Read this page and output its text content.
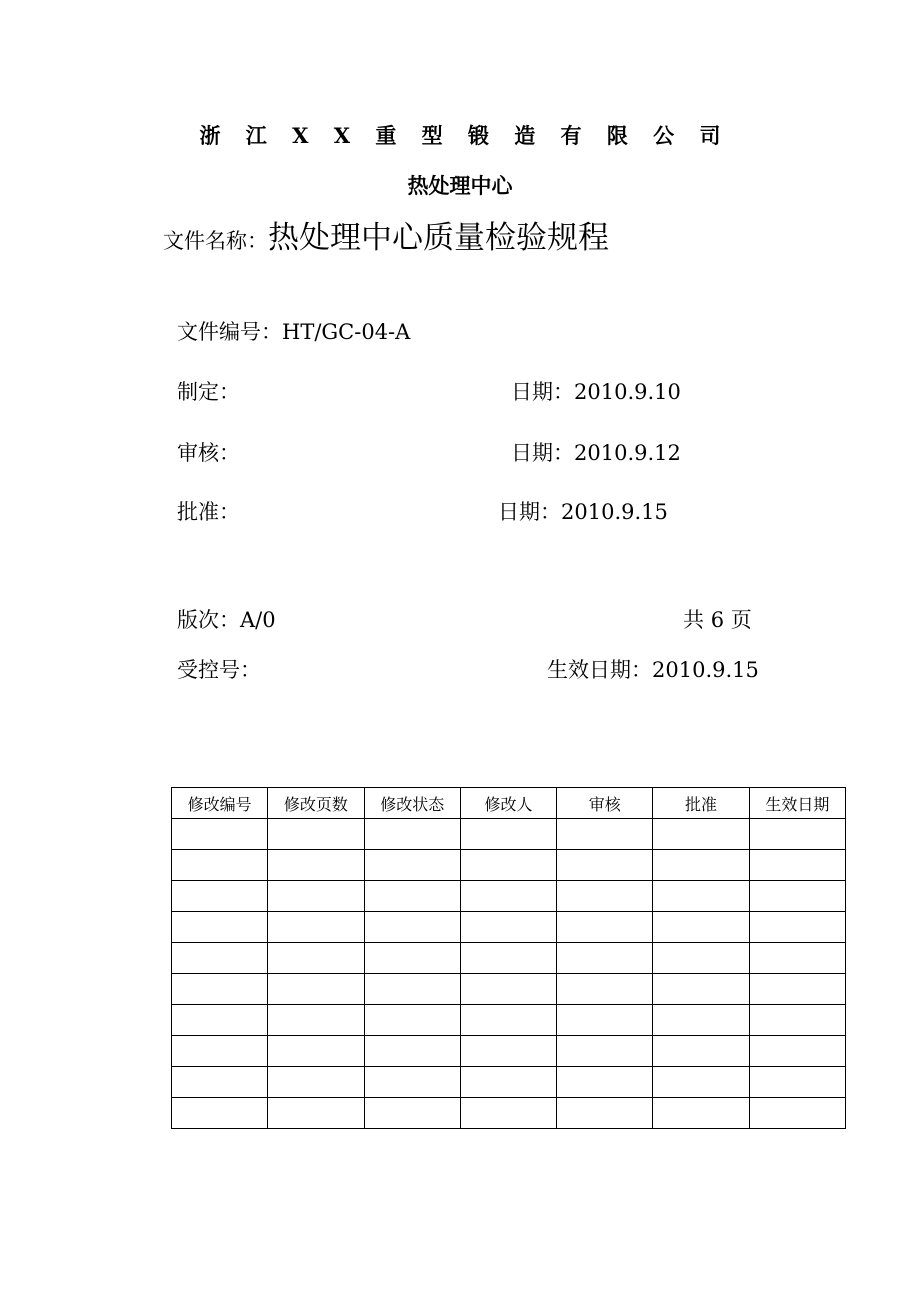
浙 江 X X 重 型 锻 造 有 限 公 司
热处理中心
文件名称：热处理中心质量检验规程
文件编号：HT/GC-04-A
制定：	日期：2010.9.10
审核：	日期：2010.9.12
批准：	日期：2010.9.15
版次：A/0	共 6 页
受控号：	生效日期：2010.9.15
修改编号	修改页数	修改状态	修改人	审核	批准	生效日期
